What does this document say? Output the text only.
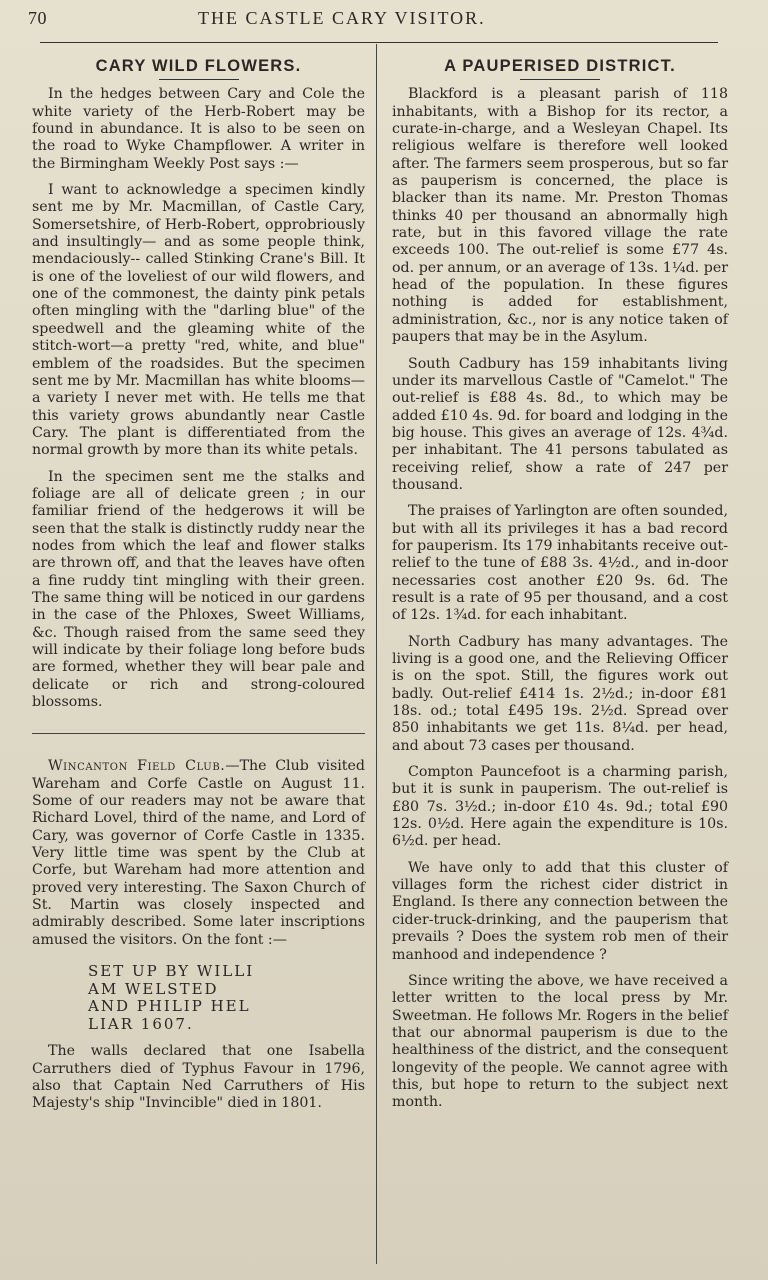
70	THE CASTLE CARY VISITOR.
CARY WILD FLOWERS.

In the hedges between Cary and Cole the white variety of the Herb-Robert may be found in abundance. It is also to be seen on the road to Wyke Champflower. A writer in the Birmingham Weekly Post says :—

I want to acknowledge a specimen kindly sent me by Mr. Macmillan, of Castle Cary, Somersetshire, of Herb-Robert, opprobriously and insultingly— and as some people think, mendaciously-- called Stinking Crane's Bill. It is one of the loveliest of our wild flowers, and one of the commonest, the dainty pink petals often mingling with the "darling blue" of the speedwell and the gleaming white of the stitch-wort—a pretty "red, white, and blue" emblem of the roadsides. But the specimen sent me by Mr. Macmillan has white blooms—a variety I never met with. He tells me that this variety grows abundantly near Castle Cary. The plant is differentiated from the normal growth by more than its white petals.

In the specimen sent me the stalks and foliage are all of delicate green ; in our familiar friend of the hedgerows it will be seen that the stalk is distinctly ruddy near the nodes from which the leaf and flower stalks are thrown off, and that the leaves have often a fine ruddy tint mingling with their green. The same thing will be noticed in our gardens in the case of the Phloxes, Sweet Williams, &c. Though raised from the same seed they will indicate by their foliage long before buds are formed, whether they will bear pale and delicate or rich and strong-coloured blossoms.

Wincanton Field Club.—The Club visited Wareham and Corfe Castle on August 11. Some of our readers may not be aware that Richard Lovel, third of the name, and Lord of Cary, was governor of Corfe Castle in 1335. Very little time was spent by the Club at Corfe, but Wareham had more attention and proved very interesting. The Saxon Church of St. Martin was closely inspected and admirably described. Some later inscriptions amused the visitors. On the font :—

SET UP BY WILLI
AM WELSTED
AND PHILIP HEL
LIAR 1607.

The walls declared that one Isabella Carruthers died of Typhus Favour in 1796, also that Captain Ned Carruthers of His Majesty's ship "Invincible" died in 1801.

A PAUPERISED DISTRICT.

Blackford is a pleasant parish of 118 inhabitants, with a Bishop for its rector, a curate-in-charge, and a Wesleyan Chapel. Its religious welfare is therefore well looked after. The farmers seem prosperous, but so far as pauperism is concerned, the place is blacker than its name. Mr. Preston Thomas thinks 40 per thousand an abnormally high rate, but in this favored village the rate exceeds 100. The out-relief is some £77 4s. od. per annum, or an average of 13s. 1¼d. per head of the population. In these figures nothing is added for establishment, administration, &c., nor is any notice taken of paupers that may be in the Asylum.

South Cadbury has 159 inhabitants living under its marvellous Castle of "Camelot." The out-relief is £88 4s. 8d., to which may be added £10 4s. 9d. for board and lodging in the big house. This gives an average of 12s. 4¾d. per inhabitant. The 41 persons tabulated as receiving relief, show a rate of 247 per thousand.

The praises of Yarlington are often sounded, but with all its privileges it has a bad record for pauperism. Its 179 inhabitants receive out-relief to the tune of £88 3s. 4½d., and in-door necessaries cost another £20 9s. 6d. The result is a rate of 95 per thousand, and a cost of 12s. 1¾d. for each inhabitant.

North Cadbury has many advantages. The living is a good one, and the Relieving Officer is on the spot. Still, the figures work out badly. Out-relief £414 1s. 2½d.; in-door £81 18s. od.; total £495 19s. 2½d. Spread over 850 inhabitants we get 11s. 8¼d. per head, and about 73 cases per thousand.

Compton Pauncefoot is a charming parish, but it is sunk in pauperism. The out-relief is £80 7s. 3½d.; in-door £10 4s. 9d.; total £90 12s. 0½d. Here again the expenditure is 10s. 6½d. per head.

We have only to add that this cluster of villages form the richest cider district in England. Is there any connection between the cider-truck-drinking, and the pauperism that prevails ? Does the system rob men of their manhood and independence ?

Since writing the above, we have received a letter written to the local press by Mr. Sweetman. He follows Mr. Rogers in the belief that our abnormal pauperism is due to the healthiness of the district, and the consequent longevity of the people. We cannot agree with this, but hope to return to the subject next month.
